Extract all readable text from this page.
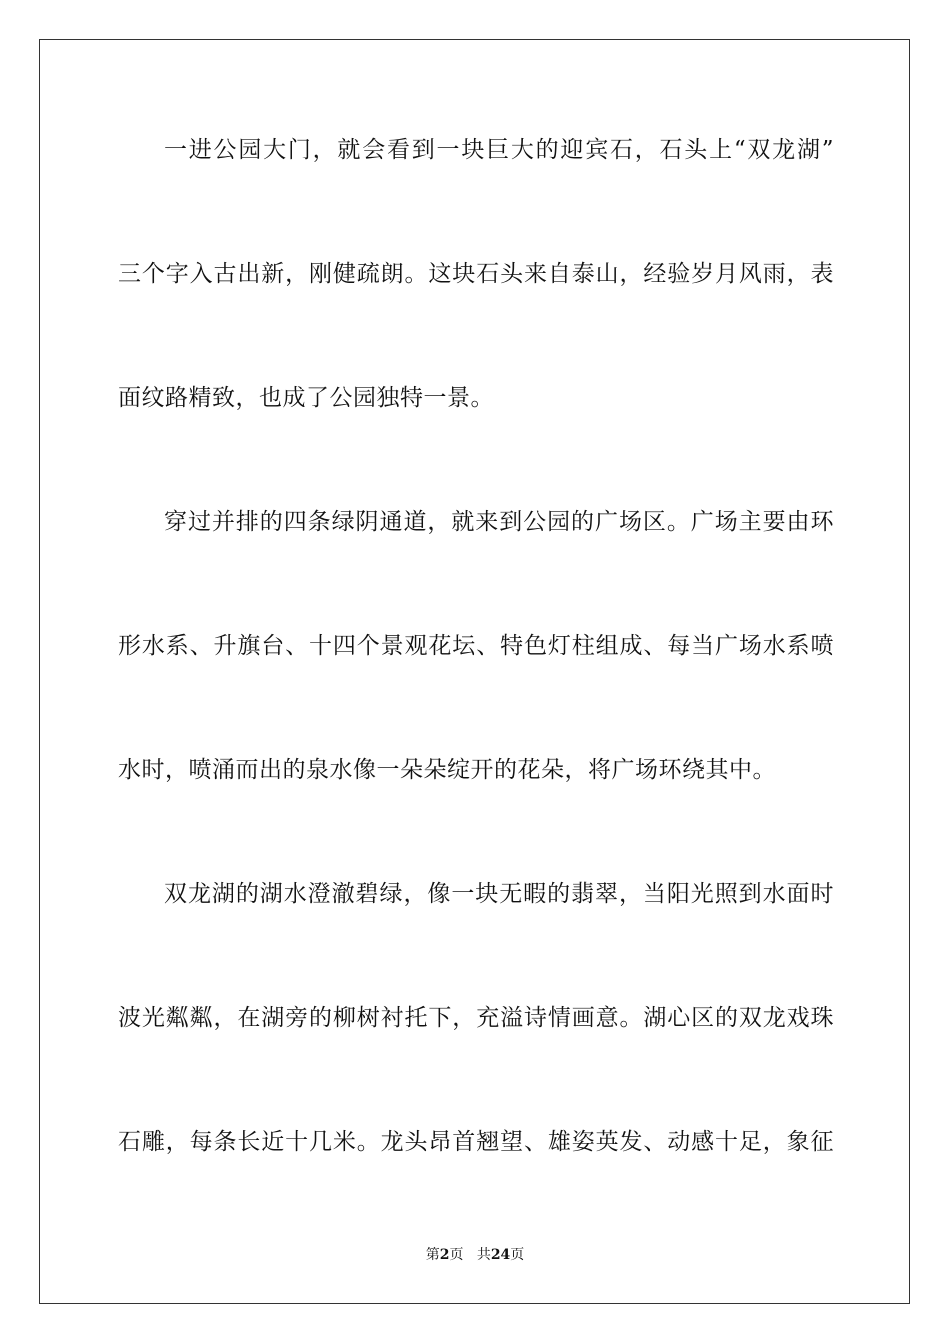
一进公园大门，就会看到一块巨大的迎宾石，石头上“双龙湖”
三个字入古出新，刚健疏朗。这块石头来自泰山，经验岁月风雨，表
面纹路精致，也成了公园独特一景。
穿过并排的四条绿阴通道，就来到公园的广场区。广场主要由环
形水系、升旗台、十四个景观花坛、特色灯柱组成、每当广场水系喷
水时，喷涌而出的泉水像一朵朵绽开的花朵，将广场环绕其中。
双龙湖的湖水澄澈碧绿，像一块无暇的翡翠，当阳光照到水面时
波光粼粼，在湖旁的柳树衬托下，充溢诗情画意。湖心区的双龙戏珠
石雕，每条长近十几米。龙头昂首翘望、雄姿英发、动感十足，象征
第2页 共24页
